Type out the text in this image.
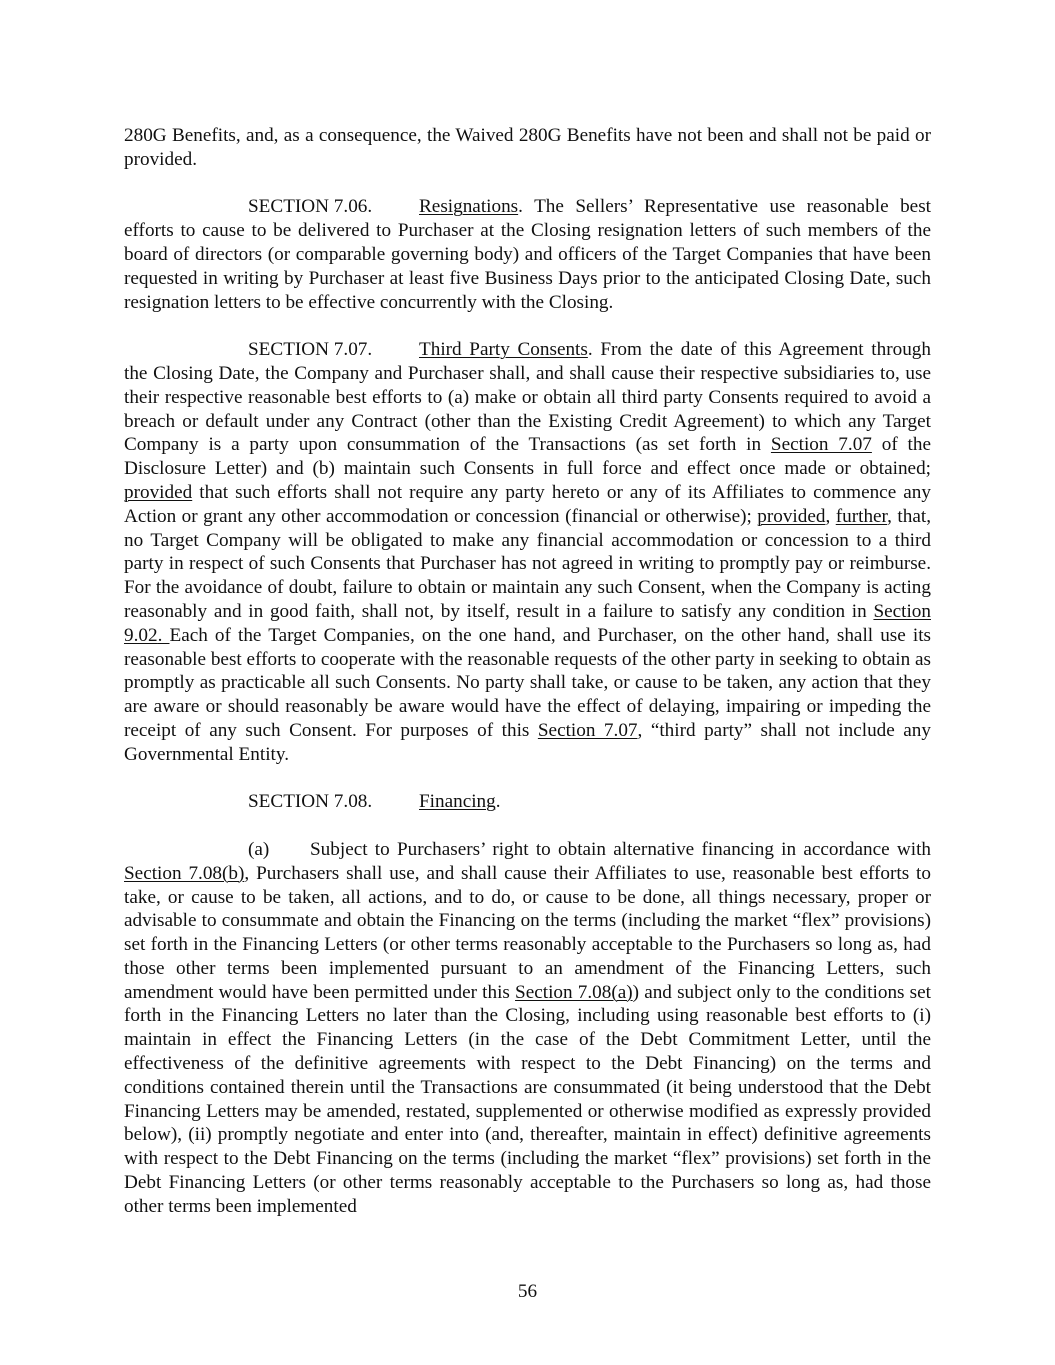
280G Benefits, and, as a consequence, the Waived 280G Benefits have not been and shall not be paid or provided.

SECTION 7.06. Resignations. The Sellers’ Representative use reasonable best efforts to cause to be delivered to Purchaser at the Closing resignation letters of such members of the board of directors (or comparable governing body) and officers of the Target Companies that have been requested in writing by Purchaser at least five Business Days prior to the anticipated Closing Date, such resignation letters to be effective concurrently with the Closing.

SECTION 7.07. Third Party Consents. From the date of this Agreement through the Closing Date, the Company and Purchaser shall, and shall cause their respective subsidiaries to, use their respective reasonable best efforts to (a) make or obtain all third party Consents required to avoid a breach or default under any Contract (other than the Existing Credit Agreement) to which any Target Company is a party upon consummation of the Transactions (as set forth in Section 7.07 of the Disclosure Letter) and (b) maintain such Consents in full force and effect once made or obtained; provided that such efforts shall not require any party hereto or any of its Affiliates to commence any Action or grant any other accommodation or concession (financial or otherwise); provided, further, that, no Target Company will be obligated to make any financial accommodation or concession to a third party in respect of such Consents that Purchaser has not agreed in writing to promptly pay or reimburse. For the avoidance of doubt, failure to obtain or maintain any such Consent, when the Company is acting reasonably and in good faith, shall not, by itself, result in a failure to satisfy any condition in Section 9.02. Each of the Target Companies, on the one hand, and Purchaser, on the other hand, shall use its reasonable best efforts to cooperate with the reasonable requests of the other party in seeking to obtain as promptly as practicable all such Consents. No party shall take, or cause to be taken, any action that they are aware or should reasonably be aware would have the effect of delaying, impairing or impeding the receipt of any such Consent. For purposes of this Section 7.07, “third party” shall not include any Governmental Entity.

SECTION 7.08. Financing.

(a) Subject to Purchasers’ right to obtain alternative financing in accordance with Section 7.08(b), Purchasers shall use, and shall cause their Affiliates to use, reasonable best efforts to take, or cause to be taken, all actions, and to do, or cause to be done, all things necessary, proper or advisable to consummate and obtain the Financing on the terms (including the market “flex” provisions) set forth in the Financing Letters (or other terms reasonably acceptable to the Purchasers so long as, had those other terms been implemented pursuant to an amendment of the Financing Letters, such amendment would have been permitted under this Section 7.08(a)) and subject only to the conditions set forth in the Financing Letters no later than the Closing, including using reasonable best efforts to (i) maintain in effect the Financing Letters (in the case of the Debt Commitment Letter, until the effectiveness of the definitive agreements with respect to the Debt Financing) on the terms and conditions contained therein until the Transactions are consummated (it being understood that the Debt Financing Letters may be amended, restated, supplemented or otherwise modified as expressly provided below), (ii) promptly negotiate and enter into (and, thereafter, maintain in effect) definitive agreements with respect to the Debt Financing on the terms (including the market “flex” provisions) set forth in the Debt Financing Letters (or other terms reasonably acceptable to the Purchasers so long as, had those other terms been implemented

56
